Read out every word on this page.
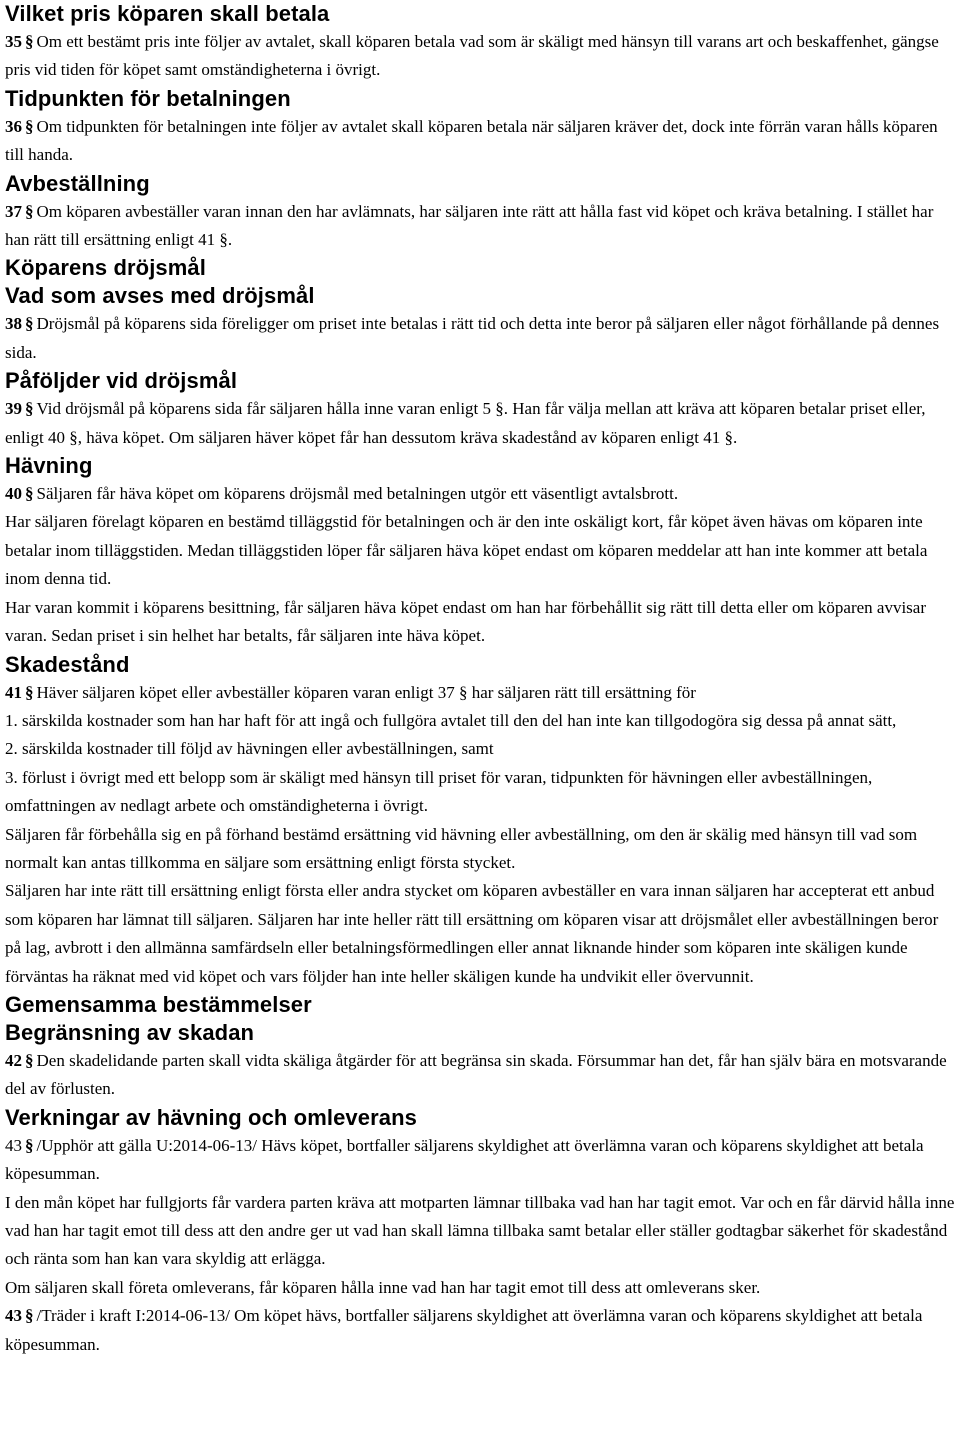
Vilket pris köparen skall betala

35 § Om ett bestämt pris inte följer av avtalet, skall köparen betala vad som är skäligt med hänsyn till varans art och beskaffenhet, gängse pris vid tiden för köpet samt omständigheterna i övrigt.

Tidpunkten för betalningen

36 § Om tidpunkten för betalningen inte följer av avtalet skall köparen betala när säljaren kräver det, dock inte förrän varan hålls köparen till handa.

Avbeställning

37 § Om köparen avbeställer varan innan den har avlämnats, har säljaren inte rätt att hålla fast vid köpet och kräva betalning. I stället har han rätt till ersättning enligt 41 §.

Köparens dröjsmål
Vad som avses med dröjsmål

38 § Dröjsmål på köparens sida föreligger om priset inte betalas i rätt tid och detta inte beror på säljaren eller något förhållande på dennes sida.

Påföljder vid dröjsmål

39 § Vid dröjsmål på köparens sida får säljaren hålla inne varan enligt 5 §. Han får välja mellan att kräva att köparen betalar priset eller, enligt 40 §, häva köpet. Om säljaren häver köpet får han dessutom kräva skadestånd av köparen enligt 41 §.

Hävning

40 § Säljaren får häva köpet om köparens dröjsmål med betalningen utgör ett väsentligt avtalsbrott.

Har säljaren förelagt köparen en bestämd tilläggstid för betalningen och är den inte oskäligt kort, får köpet även hävas om köparen inte betalar inom tilläggstiden. Medan tilläggstiden löper får säljaren häva köpet endast om köparen meddelar att han inte kommer att betala inom denna tid.

Har varan kommit i köparens besittning, får säljaren häva köpet endast om han har förbehållit sig rätt till detta eller om köparen avvisar varan. Sedan priset i sin helhet har betalts, får säljaren inte häva köpet.

Skadestånd

41 § Häver säljaren köpet eller avbeställer köparen varan enligt 37 § har säljaren rätt till ersättning för

1. särskilda kostnader som han har haft för att ingå och fullgöra avtalet till den del han inte kan tillgodogöra sig dessa på annat sätt,

2. särskilda kostnader till följd av hävningen eller avbeställningen, samt

3. förlust i övrigt med ett belopp som är skäligt med hänsyn till priset för varan, tidpunkten för hävningen eller avbeställningen, omfattningen av nedlagt arbete och omständigheterna i övrigt.

Säljaren får förbehålla sig en på förhand bestämd ersättning vid hävning eller avbeställning, om den är skälig med hänsyn till vad som normalt kan antas tillkomma en säljare som ersättning enligt första stycket.

Säljaren har inte rätt till ersättning enligt första eller andra stycket om köparen avbeställer en vara innan säljaren har accepterat ett anbud som köparen har lämnat till säljaren. Säljaren har inte heller rätt till ersättning om köparen visar att dröjsmålet eller avbeställningen beror på lag, avbrott i den allmänna samfärdseln eller betalningsförmedlingen eller annat liknande hinder som köparen inte skäligen kunde förväntas ha räknat med vid köpet och vars följder han inte heller skäligen kunde ha undvikit eller övervunnit.

Gemensamma bestämmelser
Begränsning av skadan

42 § Den skadelidande parten skall vidta skäliga åtgärder för att begränsa sin skada. Försummar han det, får han själv bära en motsvarande del av förlusten.

Verkningar av hävning och omleverans

43 § /Upphör att gälla U:2014-06-13/ Hävs köpet, bortfaller säljarens skyldighet att överlämna varan och köparens skyldighet att betala köpesumman.

I den mån köpet har fullgjorts får vardera parten kräva att motparten lämnar tillbaka vad han har tagit emot. Var och en får därvid hålla inne vad han har tagit emot till dess att den andre ger ut vad han skall lämna tillbaka samt betalar eller ställer godtagbar säkerhet för skadestånd och ränta som han kan vara skyldig att erlägga.

Om säljaren skall företa omleverans, får köparen hålla inne vad han har tagit emot till dess att omleverans sker.

43 § /Träder i kraft I:2014-06-13/ Om köpet hävs, bortfaller säljarens skyldighet att överlämna varan och köparens skyldighet att betala köpesumman.
